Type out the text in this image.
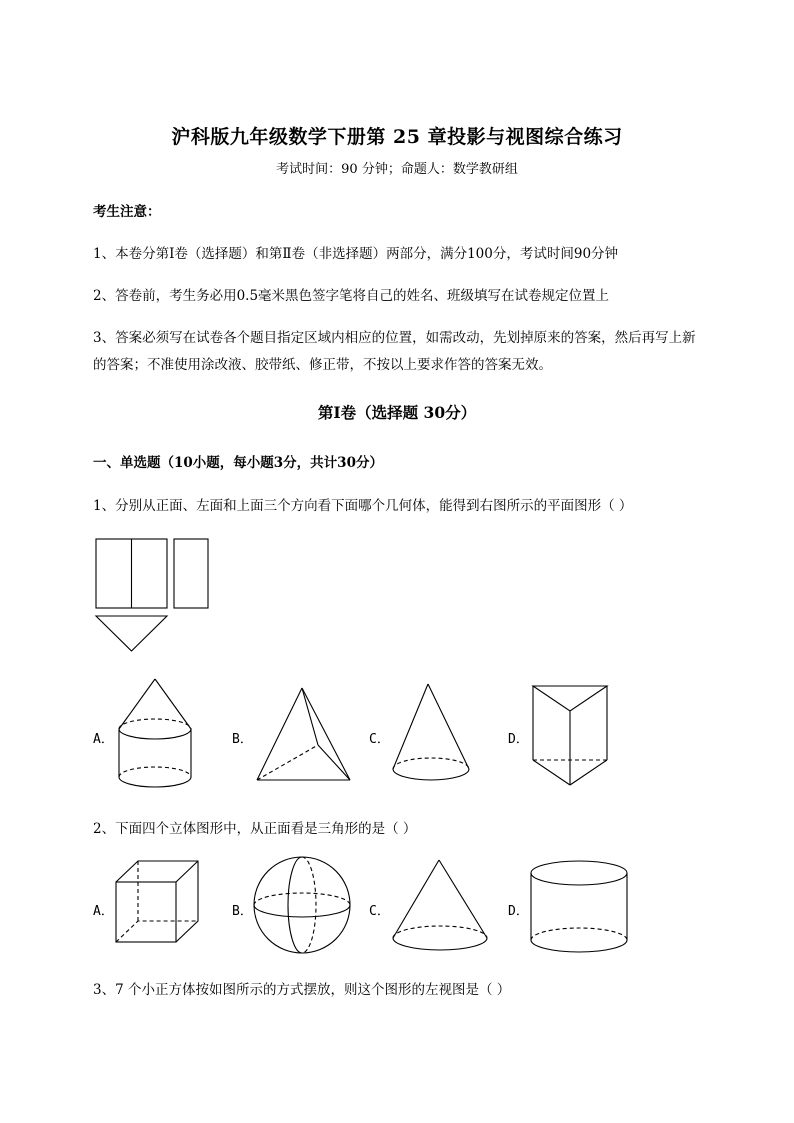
沪科版九年级数学下册第 25 章投影与视图综合练习
考试时间：90 分钟；命题人：数学教研组
考生注意：
1、本卷分第Ⅰ卷（选择题）和第Ⅱ卷（非选择题）两部分，满分100分，考试时间90分钟
2、答卷前，考生务必用0.5毫米黑色签字笔将自己的姓名、班级填写在试卷规定位置上
3、答案必须写在试卷各个题目指定区域内相应的位置，如需改动，先划掉原来的答案，然后再写上新
的答案；不准使用涂改液、胶带纸、修正带，不按以上要求作答的答案无效。
第Ⅰ卷（选择题 30分）
一、单选题（10小题，每小题3分，共计30分）
1、分别从正面、左面和上面三个方向看下面哪个几何体，能得到右图所示的平面图形（ ）
A．	B．	C．	D．
2、下面四个立体图形中，从正面看是三角形的是（ ）
A．	B．	C．	D．
3、7 个小正方体按如图所示的方式摆放，则这个图形的左视图是（ ）
